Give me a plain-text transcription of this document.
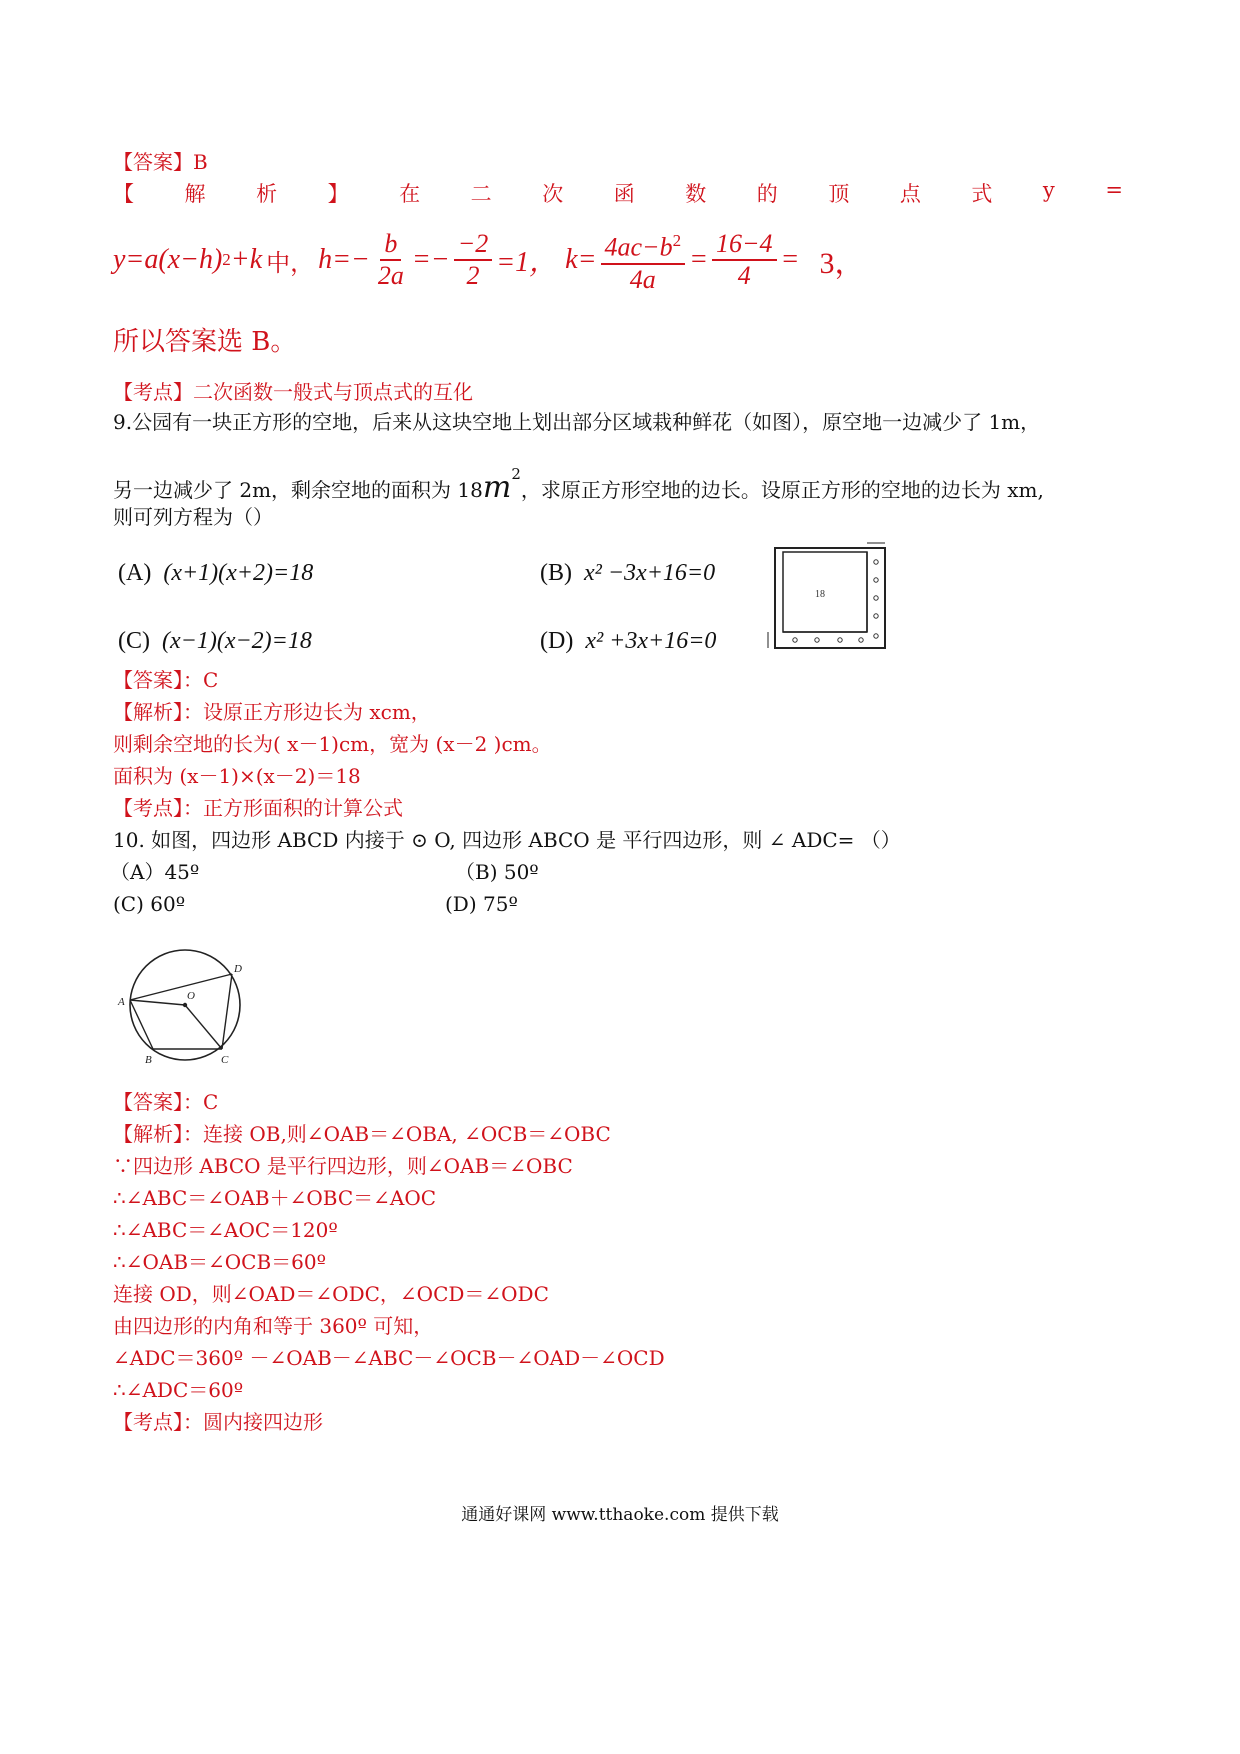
【答案】B
【 解 析 】 在 二 次 函 数 的 顶 点 式 y =
y=a(x−h) 2 +k 中， $h=- \frac{b}{2a} =- \frac{-2}{2} =1$， $k= \frac{4ac-b^2}{4a} = \frac{16-4}{4} = 3$，
所以答案选 B。
【考点】二次函数一般式与顶点式的互化
9.公园有一块正方形的空地，后来从这块空地上划出部分区域栽种鲜花（如图），原空地一边减少了 1m，
另一边减少了 2m，剩余空地的面积为 $18m^2$，求原正方形空地的边长。设原正方形的空地的边长为 xm,
则可列方程为（）
(A) (x+1)(x+2)=18	(B) x² −3x+16=0
(C) (x−1)(x−2)=18	(D) x² +3x+16=0
18
【答案】：C
【解析】：设原正方形边长为 xcm，
则剩余空地的长为( x－1)cm，宽为 (x－2 )cm。
面积为 (x－1)×(x－2)＝18
【考点】：正方形面积的计算公式
10. 如图，四边形 ABCD 内接于 ⊙ O, 四边形 ABCO 是 平行四边形，则 ∠ ADC= （）
（A）45º	（B) 50º
(C) 60º	(D) 75º
A
B	C
D
O
【答案】：C
【解析】：连接 OB,则∠OAB＝∠OBA, ∠OCB＝∠OBC
∵四边形 ABCO 是平行四边形，则∠OAB＝∠OBC
∴∠ABC＝∠OAB＋∠OBC＝∠AOC
∴∠ABC＝∠AOC＝120º
∴∠OAB＝∠OCB＝60º
连接 OD，则∠OAD＝∠ODC，∠OCD＝∠ODC
由四边形的内角和等于 360º 可知，
∠ADC＝360º －∠OAB－∠ABC－∠OCB－∠OAD－∠OCD
∴∠ADC＝60º
【考点】：圆内接四边形
通通好课网 www.tthaoke.com 提供下载
